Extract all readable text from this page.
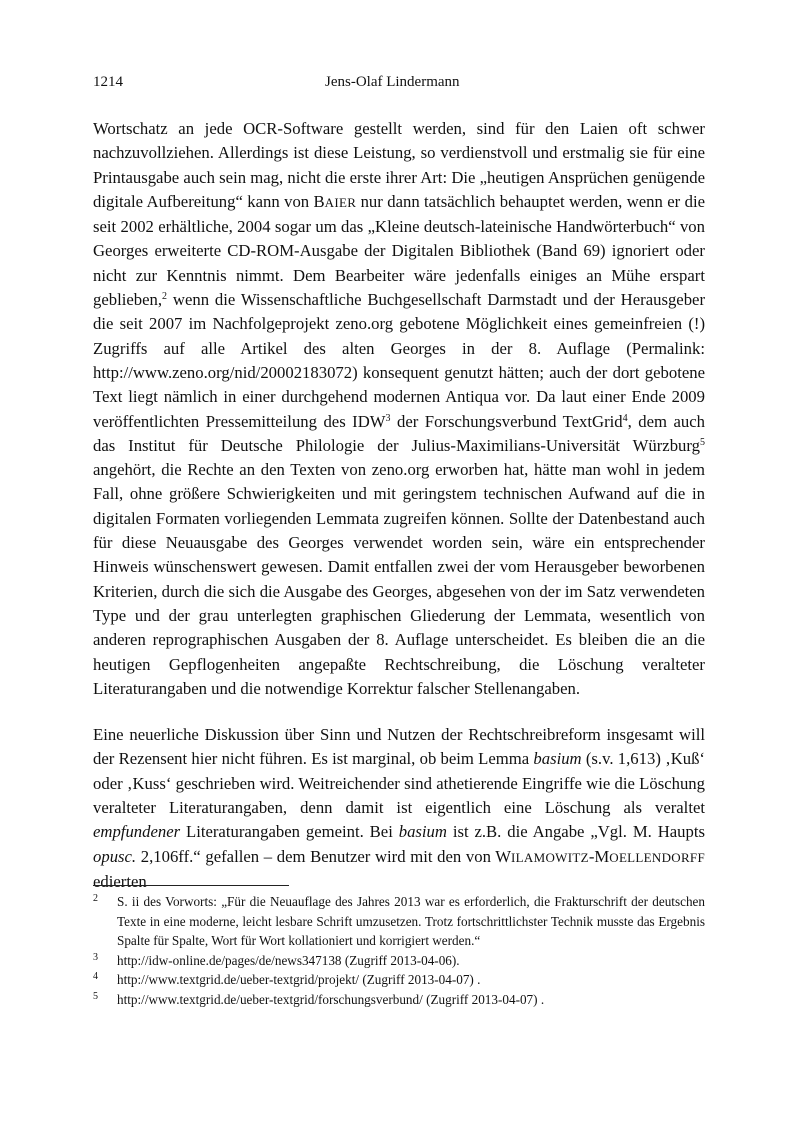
1214	Jens-Olaf Lindermann

Wortschatz an jede OCR-Software gestellt werden, sind für den Laien oft schwer nachzuvollziehen. Allerdings ist diese Leistung, so verdienstvoll und erstmalig sie für eine Printausgabe auch sein mag, nicht die erste ihrer Art: Die „heutigen Ansprüchen genügende digitale Aufbereitung“ kann von BAIER nur dann tatsächlich behauptet werden, wenn er die seit 2002 erhältliche, 2004 sogar um das „Kleine deutsch-lateinische Handwörterbuch“ von Georges erweiterte CD-ROM-Ausgabe der Digitalen Bibliothek (Band 69) ignoriert oder nicht zur Kenntnis nimmt. Dem Bearbeiter wäre jedenfalls einiges an Mühe erspart geblieben,$^2$ wenn die Wissenschaftliche Buchgesellschaft Darmstadt und der Herausgeber die seit 2007 im Nachfolgeprojekt zeno.org gebotene Möglichkeit eines gemeinfreien (!) Zugriffs auf alle Artikel des alten Georges in der 8. Auflage (Permalink: http://www.zeno.org/nid/20002183072) konsequent genutzt hätten; auch der dort gebotene Text liegt nämlich in einer durchgehend modernen Antiqua vor. Da laut einer Ende 2009 veröffentlichten Pressemitteilung des IDW$^3$ der Forschungsverbund TextGrid$^4$, dem auch das Institut für Deutsche Philologie der Julius-Maximilians-Universität Würzburg$^5$ angehört, die Rechte an den Texten von zeno.org erworben hat, hätte man wohl in jedem Fall, ohne größere Schwierigkeiten und mit geringstem technischen Aufwand auf die in digitalen Formaten vorliegenden Lemmata zugreifen können. Sollte der Datenbestand auch für diese Neuausgabe des Georges verwendet worden sein, wäre ein entsprechender Hinweis wünschenswert gewesen. Damit entfallen zwei der vom Herausgeber beworbenen Kriterien, durch die sich die Ausgabe des Georges, abgesehen von der im Satz verwendeten Type und der grau unterlegten graphischen Gliederung der Lemmata, wesentlich von anderen reprographischen Ausgaben der 8. Auflage unterscheidet. Es bleiben die an die heutigen Gepflogenheiten angepaßte Rechtschreibung, die Löschung veralteter Literaturangaben und die notwendige Korrektur falscher Stellenangaben.

Eine neuerliche Diskussion über Sinn und Nutzen der Rechtschreibreform insgesamt will der Rezensent hier nicht führen. Es ist marginal, ob beim Lemma basium (s.v. 1,613) ‚Kuß‘ oder ‚Kuss‘ geschrieben wird. Weitreichender sind athetierende Eingriffe wie die Löschung veralteter Literaturangaben, denn damit ist eigentlich eine Löschung als veraltet empfundener Literaturangaben gemeint. Bei basium ist z.B. die Angabe „Vgl. M. Haupts opusc. 2,106ff.“ gefallen – dem Benutzer wird mit den von WILAMOWITZ-MOELLENDORFF edierten

2 S. ii des Vorworts: „Für die Neuauflage des Jahres 2013 war es erforderlich, die Frakturschrift der deutschen Texte in eine moderne, leicht lesbare Schrift umzusetzen. Trotz fortschrittlichster Technik musste das Ergebnis Spalte für Spalte, Wort für Wort kollationiert und korrigiert werden.“
3 http://idw-online.de/pages/de/news347138 (Zugriff 2013-04-06).
4 http://www.textgrid.de/ueber-textgrid/projekt/ (Zugriff 2013-04-07) .
5 http://www.textgrid.de/ueber-textgrid/forschungsverbund/ (Zugriff 2013-04-07) .
